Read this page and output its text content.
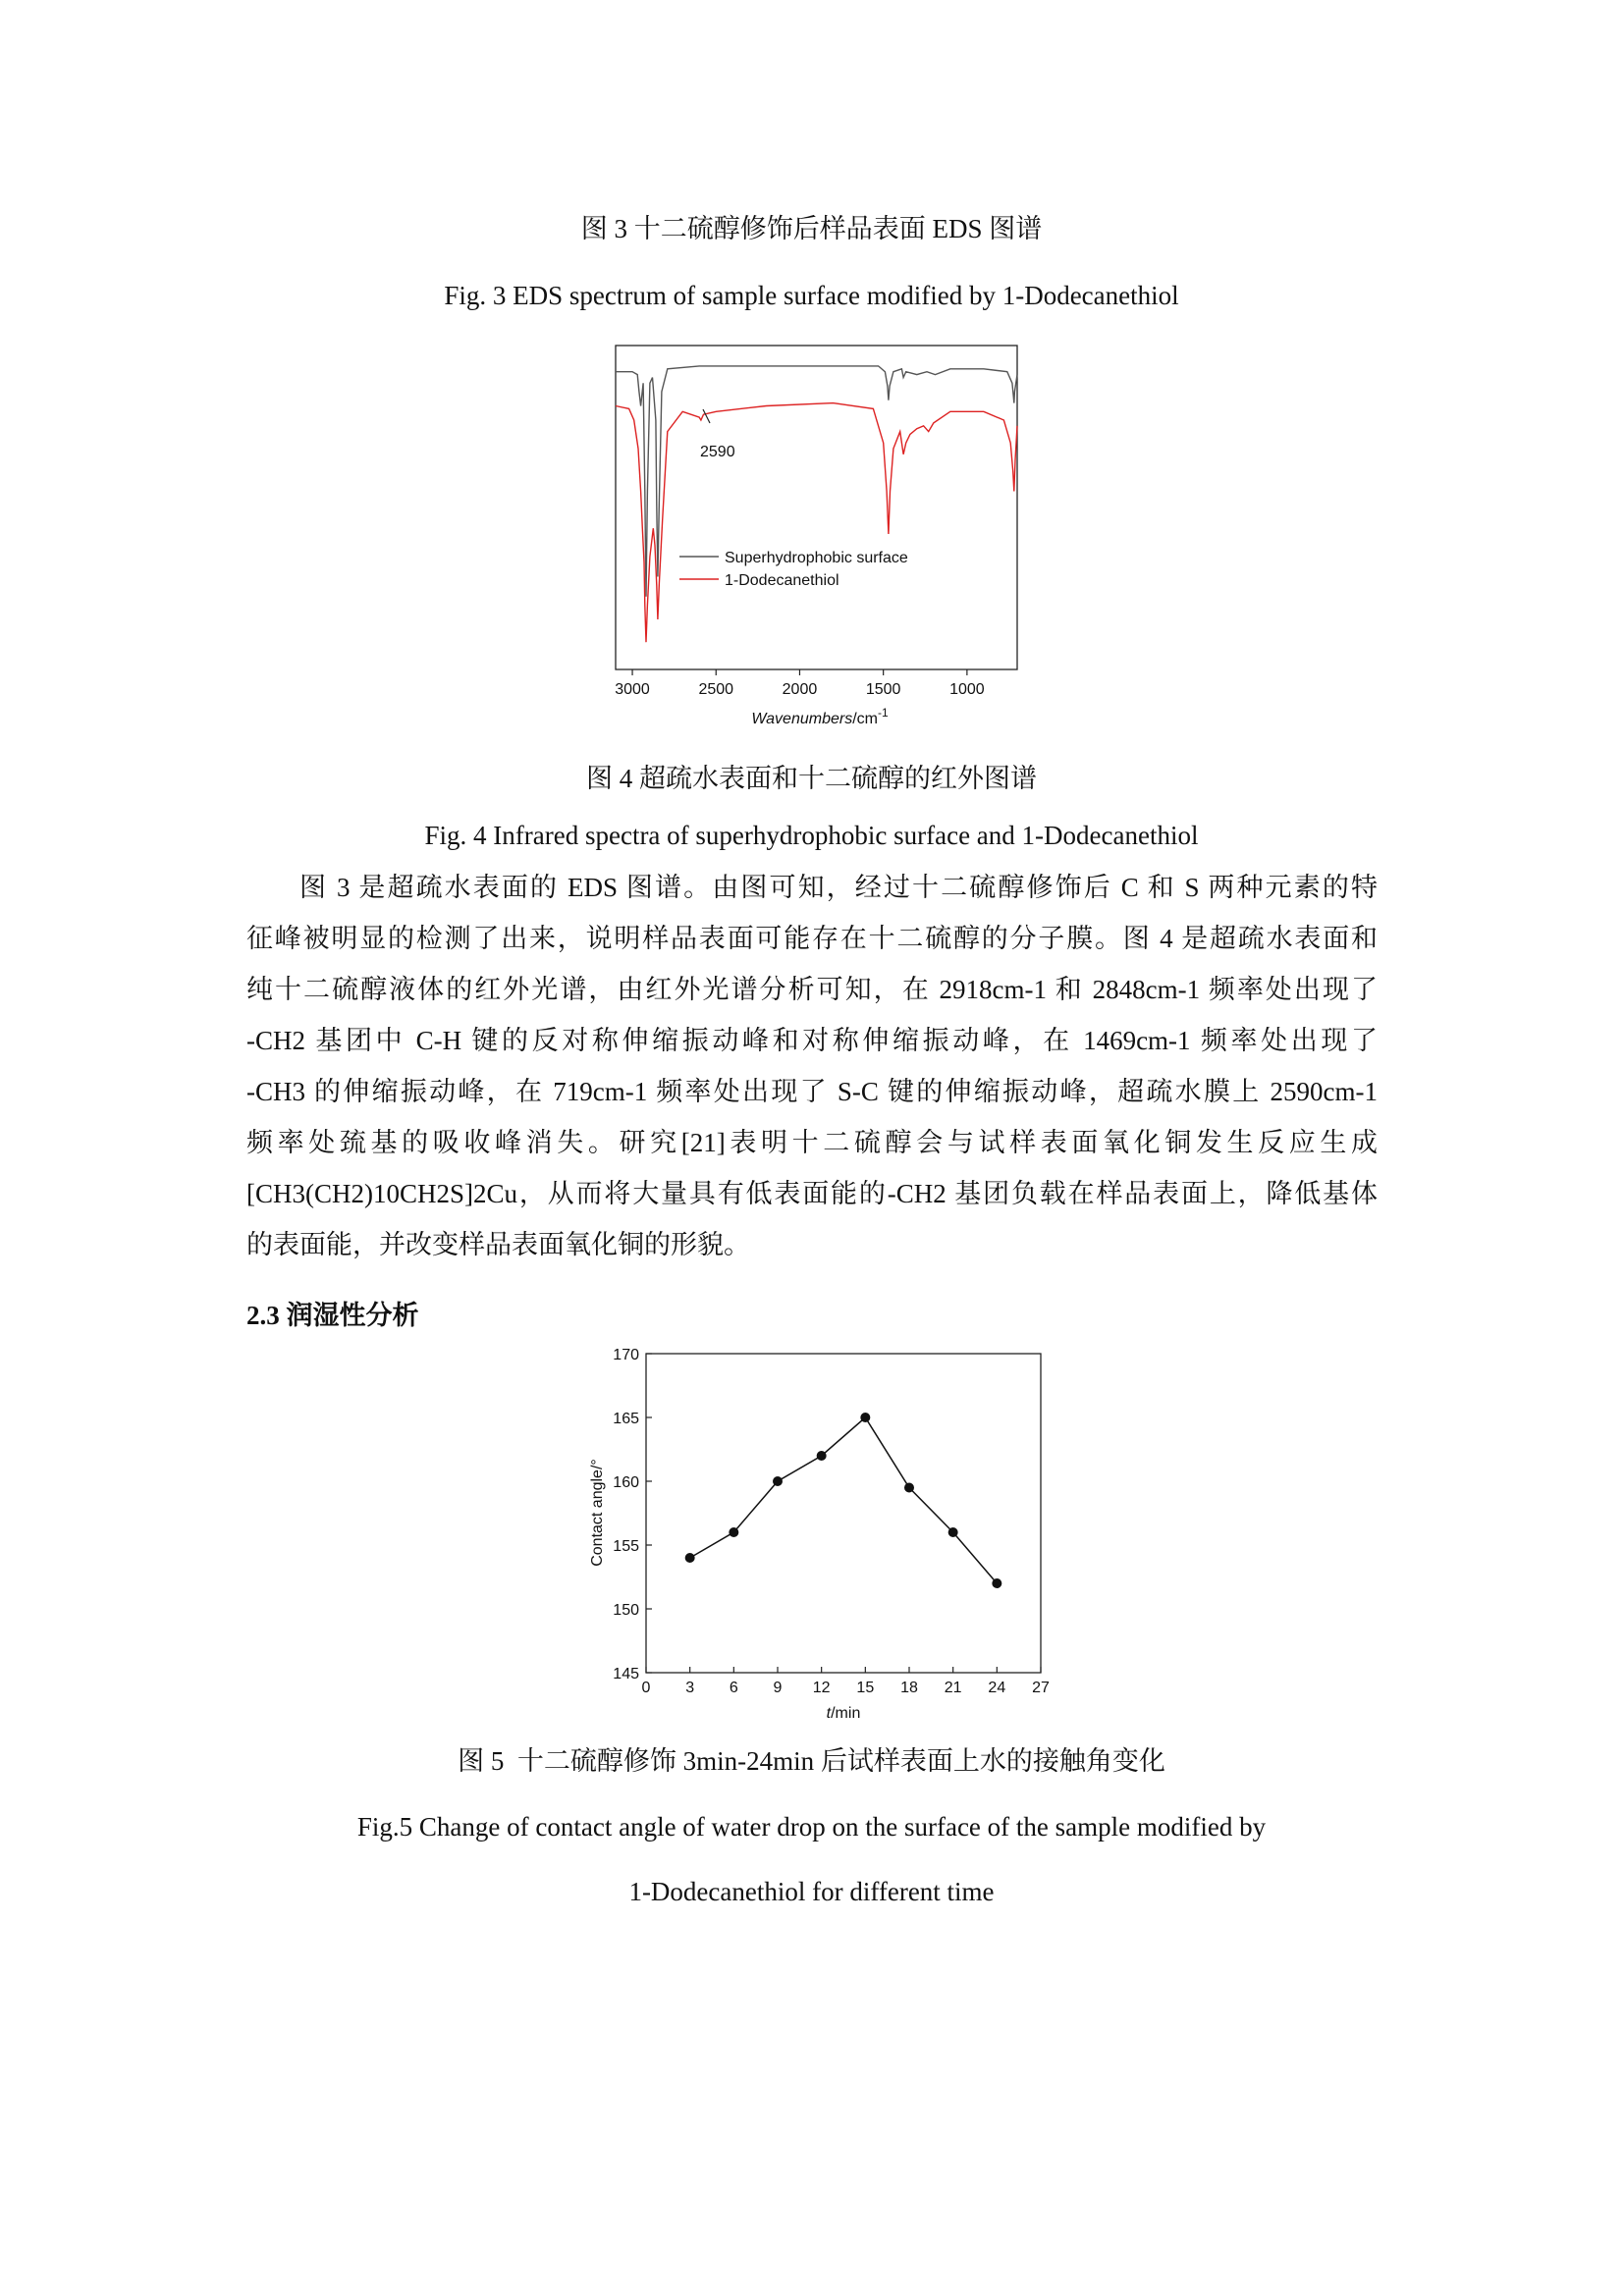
图 3 十二硫醇修饰后样品表面 EDS 图谱
Fig. 3 EDS spectrum of sample surface modified by 1-Dodecanethiol
3000	2500	2000	1500	1000
2590
Superhydrophobic surface
1-Dodecanethiol
Wavenumbers/$cm^{-1}$
图 4 超疏水表面和十二硫醇的红外图谱
Fig. 4 Infrared spectra of superhydrophobic surface and 1-Dodecanethiol
图 3 是超疏水表面的 EDS 图谱。由图可知，经过十二硫醇修饰后 C 和 S 两种元素的特
征峰被明显的检测了出来，说明样品表面可能存在十二硫醇的分子膜。图 4 是超疏水表面和
纯十二硫醇液体的红外光谱，由红外光谱分析可知，在 2918cm-1 和 2848cm-1 频率处出现了
-CH2 基团中 C-H 键的反对称伸缩振动峰和对称伸缩振动峰，在 1469cm-1 频率处出现了
-CH3 的伸缩振动峰，在 719cm-1 频率处出现了 S-C 键的伸缩振动峰，超疏水膜上 2590cm-1
频率处巯基的吸收峰消失。研究[21]表明十二硫醇会与试样表面氧化铜发生反应生成
[CH3(CH2)10CH2S]2Cu，从而将大量具有低表面能的-CH2 基团负载在样品表面上，降低基体
的表面能，并改变样品表面氧化铜的形貌。
2.3 润湿性分析
0 3 6 9 12 15 18 21 24 27
145
150
155
160
165
170
Contact angle/°
t/min
图 5  十二硫醇修饰 3min-24min 后试样表面上水的接触角变化
Fig.5 Change of contact angle of water drop on the surface of the sample modified by
1-Dodecanethiol for different time
